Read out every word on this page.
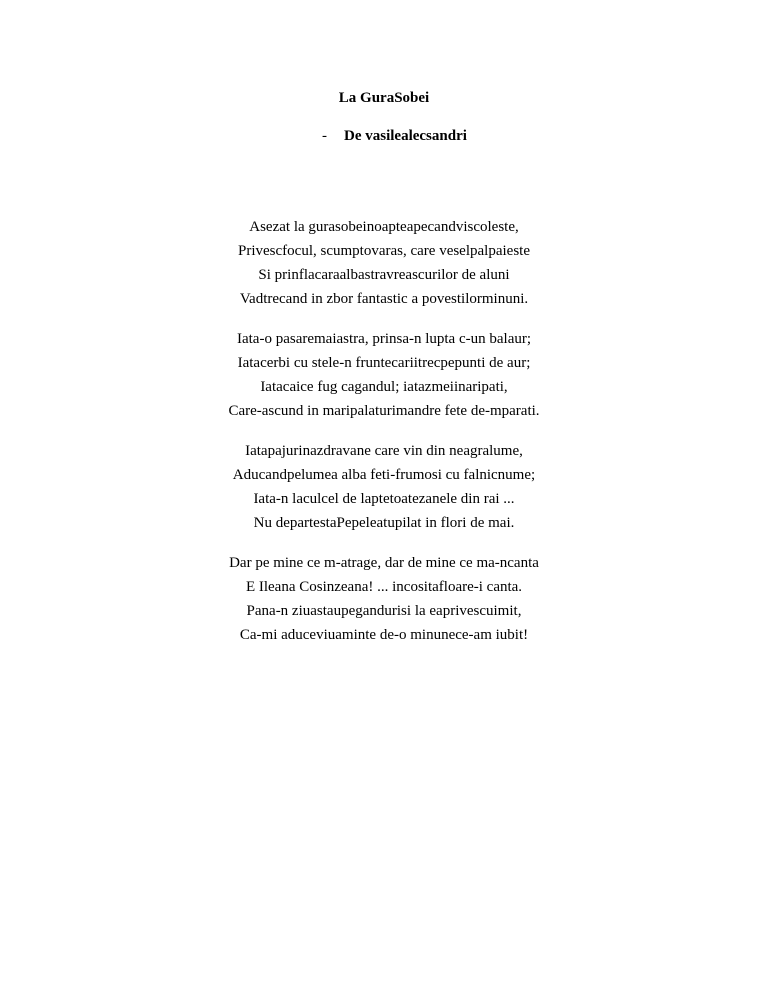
La GuraSobei
- De vasilealecsandri
Asezat la gurasobeinoapteapecandviscoleste,
Privescfocul, scumptovaras, care veselpalpaieste
Si prinflacaraalbastravreascurilor de aluni
Vadtrecand in zbor fantastic a povestilorminuni.
Iata-o pasaremaiastra, prinsa-n lupta c-un balaur;
Iatacerbi cu stele-n fruntecariitrecpepunti de aur;
Iatacaice fug cagandul; iatazmeiinaripati,
Care-ascund in maripalaturimandre fete de-mparati.
Iatapajurinazdravane care vin din neagralume,
Aducandpelumea alba feti-frumosi cu falnicnume;
Iata-n laculcel de laptetoatezanele din rai ...
Nu departestaPepeleatupilat in flori de mai.
Dar pe mine ce m-atrage, dar de mine ce ma-ncanta
E Ileana Cosinzeana! ... incositafloare-i canta.
Pana-n ziuastaupegandurisi la eaprivescuimit,
Ca-mi aduceviuaminte de-o minunece-am iubit!
